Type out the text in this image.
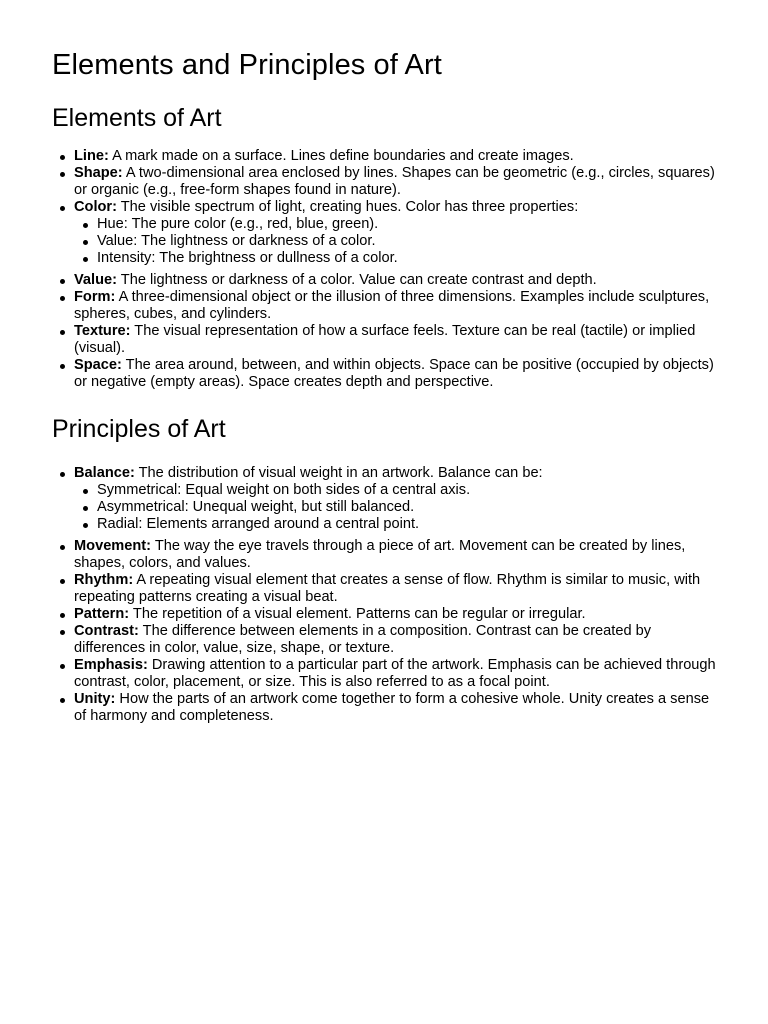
Elements and Principles of Art
Elements of Art
Line: A mark made on a surface. Lines define boundaries and create images.
Shape: A two-dimensional area enclosed by lines. Shapes can be geometric (e.g., circles, squares) or organic (e.g., free-form shapes found in nature).
Color: The visible spectrum of light, creating hues. Color has three properties:
Hue: The pure color (e.g., red, blue, green).
Value: The lightness or darkness of a color.
Intensity: The brightness or dullness of a color.
Value: The lightness or darkness of a color. Value can create contrast and depth.
Form: A three-dimensional object or the illusion of three dimensions. Examples include sculptures, spheres, cubes, and cylinders.
Texture: The visual representation of how a surface feels. Texture can be real (tactile) or implied (visual).
Space: The area around, between, and within objects. Space can be positive (occupied by objects) or negative (empty areas). Space creates depth and perspective.
Principles of Art
Balance: The distribution of visual weight in an artwork. Balance can be:
Symmetrical: Equal weight on both sides of a central axis.
Asymmetrical: Unequal weight, but still balanced.
Radial: Elements arranged around a central point.
Movement: The way the eye travels through a piece of art. Movement can be created by lines, shapes, colors, and values.
Rhythm: A repeating visual element that creates a sense of flow. Rhythm is similar to music, with repeating patterns creating a visual beat.
Pattern: The repetition of a visual element. Patterns can be regular or irregular.
Contrast: The difference between elements in a composition. Contrast can be created by differences in color, value, size, shape, or texture.
Emphasis: Drawing attention to a particular part of the artwork. Emphasis can be achieved through contrast, color, placement, or size. This is also referred to as a focal point.
Unity: How the parts of an artwork come together to form a cohesive whole. Unity creates a sense of harmony and completeness.
